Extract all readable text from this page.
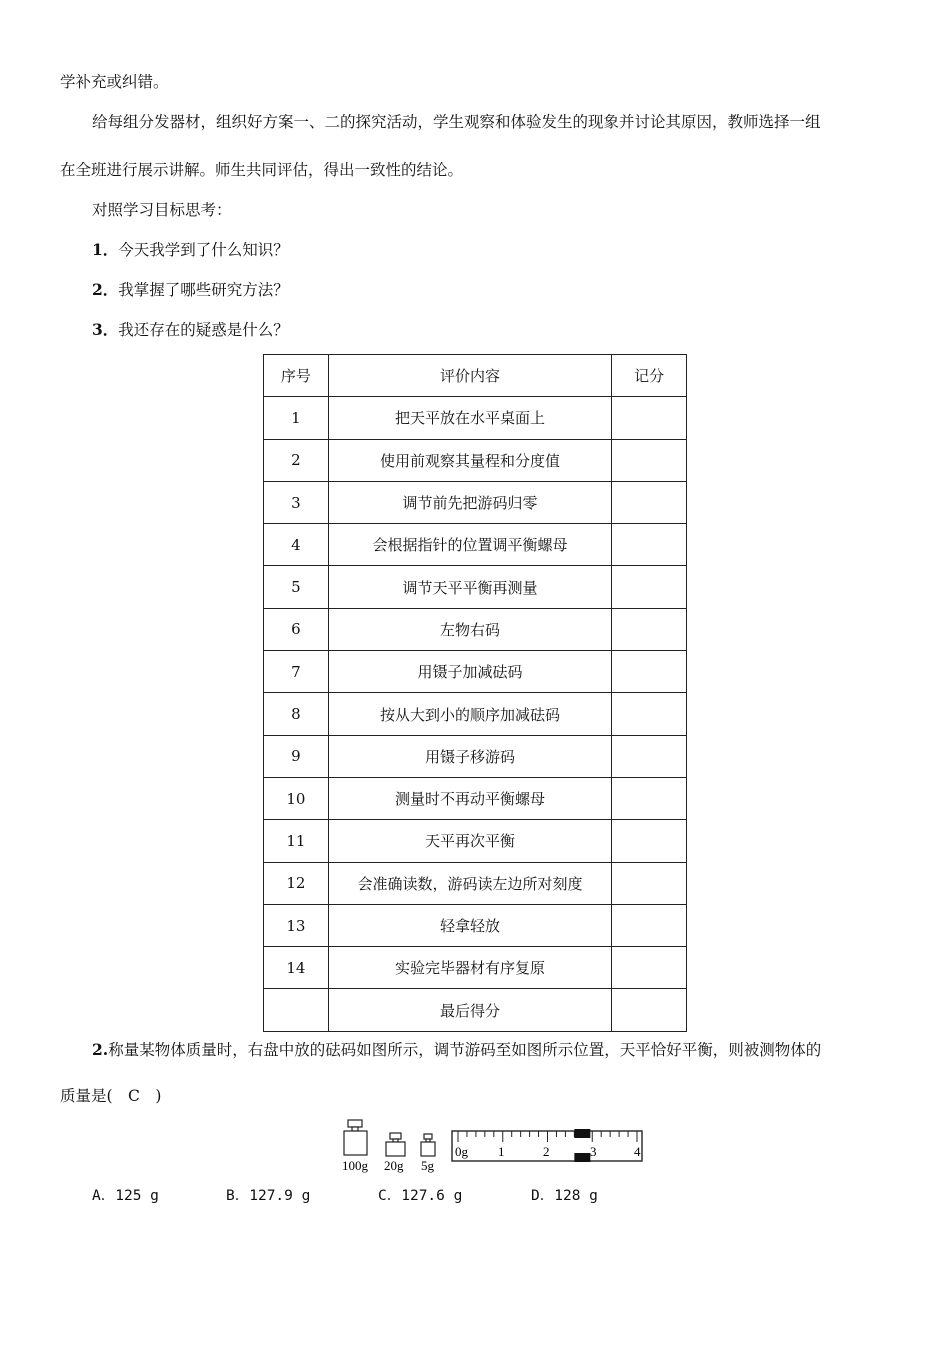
学补充或纠错。
给每组分发器材，组织好方案一、二的探究活动，学生观察和体验发生的现象并讨论其原因，教师选择一组
在全班进行展示讲解。师生共同评估，得出一致性的结论。
对照学习目标思考：
1．今天我学到了什么知识？
2．我掌握了哪些研究方法？
3．我还存在的疑惑是什么？
序号	评价内容	记分
1	把天平放在水平桌面上	
2	使用前观察其量程和分度值	
3	调节前先把游码归零	
4	会根据指针的位置调平衡螺母	
5	调节天平平衡再测量	
6	左物右码	
7	用镊子加减砝码	
8	按从大到小的顺序加减砝码	
9	用镊子移游码	
10	测量时不再动平衡螺母	
11	天平再次平衡	
12	会准确读数，游码读左边所对刻度	
13	轻拿轻放	
14	实验完毕器材有序复原	
	最后得分	
2.称量某物体质量时，右盘中放的砝码如图所示，调节游码至如图所示位置，天平恰好平衡，则被测物体的
质量是(　C　)
100g 20g 5g
0g 1	2	3	4
A．125 g	B．127.9 g	C．127.6 g	D．128 g
